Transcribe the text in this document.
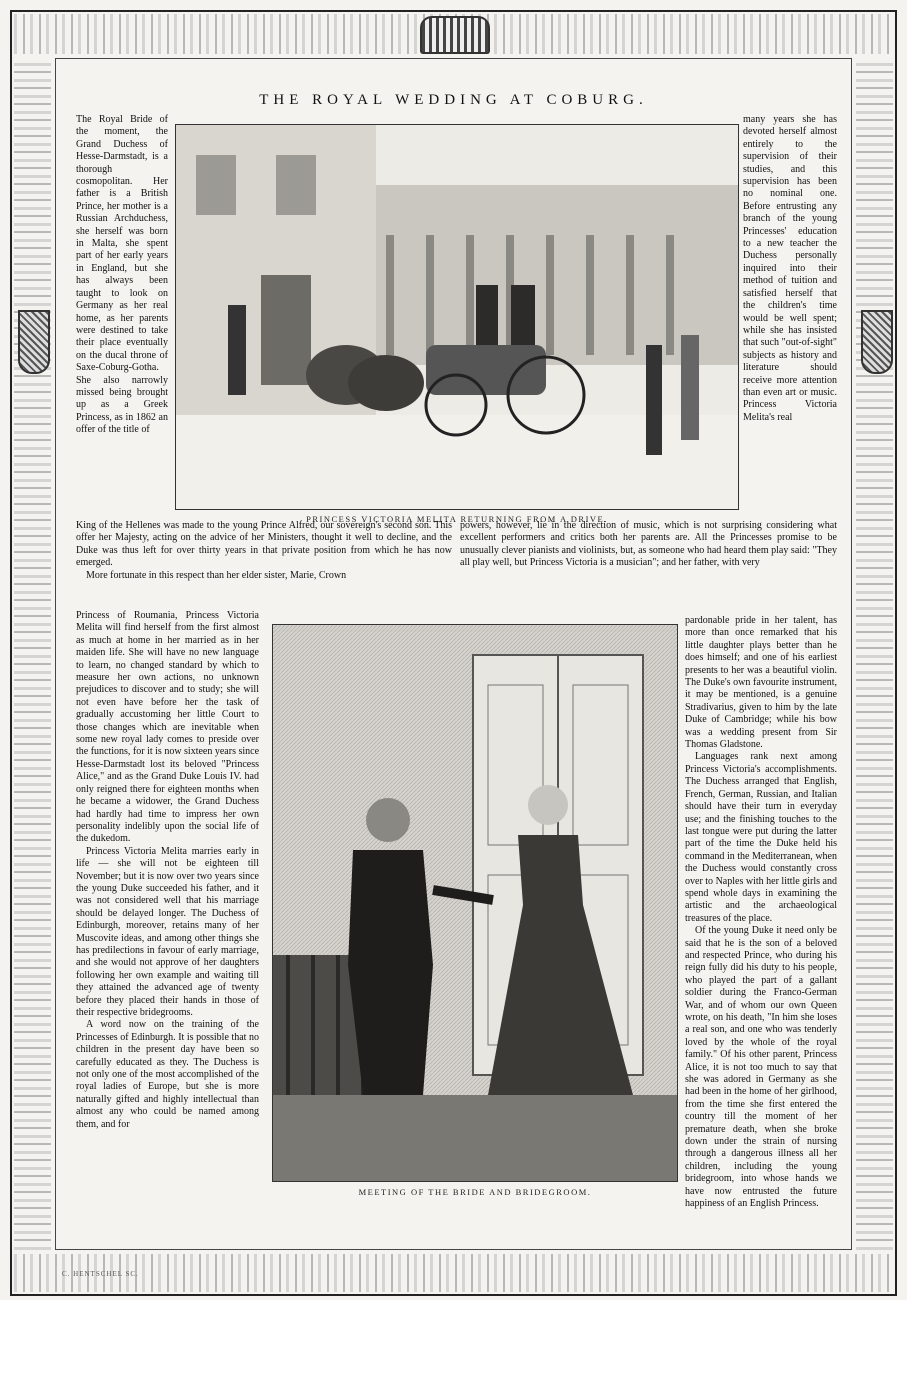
THE ROYAL WEDDING AT COBURG.

The Royal Bride of the moment, the Grand Duchess of Hesse-Darmstadt, is a thorough cosmopolitan. Her father is a British Prince, her mother is a Russian Archduchess, she herself was born in Malta, she spent part of her early years in England, but she has always been taught to look on Germany as her real home, as her parents were destined to take their place eventually on the ducal throne of Saxe-Coburg-Gotha. She also narrowly missed being brought up as a Greek Princess, as in 1862 an offer of the title of

PRINCESS VICTORIA MELITA RETURNING FROM A DRIVE.

many years she has devoted herself almost entirely to the supervision of their studies, and this supervision has been no nominal one. Before entrusting any branch of the young Princesses' education to a new teacher the Duchess personally inquired into their method of tuition and satisfied herself that the children's time would be well spent; while she has insisted that such "out-of-sight" subjects as history and literature should receive more attention than even art or music. Princess Victoria Melita's real

King of the Hellenes was made to the young Prince Alfred, our sovereign's second son. This offer her Majesty, acting on the advice of her Ministers, thought it well to decline, and the Duke was thus left for over thirty years in that private position from which he has now emerged.

More fortunate in this respect than her elder sister, Marie, Crown

Princess of Roumania, Princess Victoria Melita will find herself from the first almost as much at home in her married as in her maiden life. She will have no new language to learn, no changed standard by which to measure her own actions, no unknown prejudices to discover and to study; she will not even have before her the task of gradually accustoming her little Court to those changes which are inevitable when some new royal lady comes to preside over the functions, for it is now sixteen years since Hesse-Darmstadt lost its beloved "Princess Alice," and as the Grand Duke Louis IV. had only reigned there for eighteen months when he became a widower, the Grand Duchess had hardly had time to impress her own personality indelibly upon the social life of the dukedom.

Princess Victoria Melita marries early in life — she will not be eighteen till November; but it is now over two years since the young Duke succeeded his father, and it was not considered well that his marriage should be delayed longer. The Duchess of Edinburgh, moreover, retains many of her Muscovite ideas, and among other things she has predilections in favour of early marriage, and she would not approve of her daughters following her own example and waiting till they attained the advanced age of twenty before they placed their hands in those of their respective bridegrooms.

A word now on the training of the Princesses of Edinburgh. It is possible that no children in the present day have been so carefully educated as they. The Duchess is not only one of the most accomplished of the royal ladies of Europe, but she is more naturally gifted and highly intellectual than almost any who could be named among them, and for

powers, however, lie in the direction of music, which is not surprising considering what excellent performers and critics both her parents are. All the Princesses promise to be unusually clever pianists and violinists, but, as someone who had heard them play said: "They all play well, but Princess Victoria is a musician"; and her father, with very

MEETING OF THE BRIDE AND BRIDEGROOM.

pardonable pride in her talent, has more than once remarked that his little daughter plays better than he does himself; and one of his earliest presents to her was a beautiful violin. The Duke's own favourite instrument, it may be mentioned, is a genuine Stradivarius, given to him by the late Duke of Cambridge; while his bow was a wedding present from Sir Thomas Gladstone.

Languages rank next among Princess Victoria's accomplishments. The Duchess arranged that English, French, German, Russian, and Italian should have their turn in everyday use; and the finishing touches to the last tongue were put during the latter part of the time the Duke held his command in the Mediterranean, when the Duchess would constantly cross over to Naples with her little girls and spend whole days in examining the artistic and the archaeological treasures of the place.

Of the young Duke it need only be said that he is the son of a beloved and respected Prince, who during his reign fully did his duty to his people, who played the part of a gallant soldier during the Franco-German War, and of whom our own Queen wrote, on his death, "In him she loses a real son, and one who was tenderly loved by the whole of the royal family." Of his other parent, Princess Alice, it is not too much to say that she was adored in Germany as she had been in the home of her girlhood, from the time she first entered the country till the moment of her premature death, when she broke down under the strain of nursing through a dangerous illness all her children, including the young bridegroom, into whose hands we have now entrusted the future happiness of an English Princess.

C. HENTSCHEL SC.
